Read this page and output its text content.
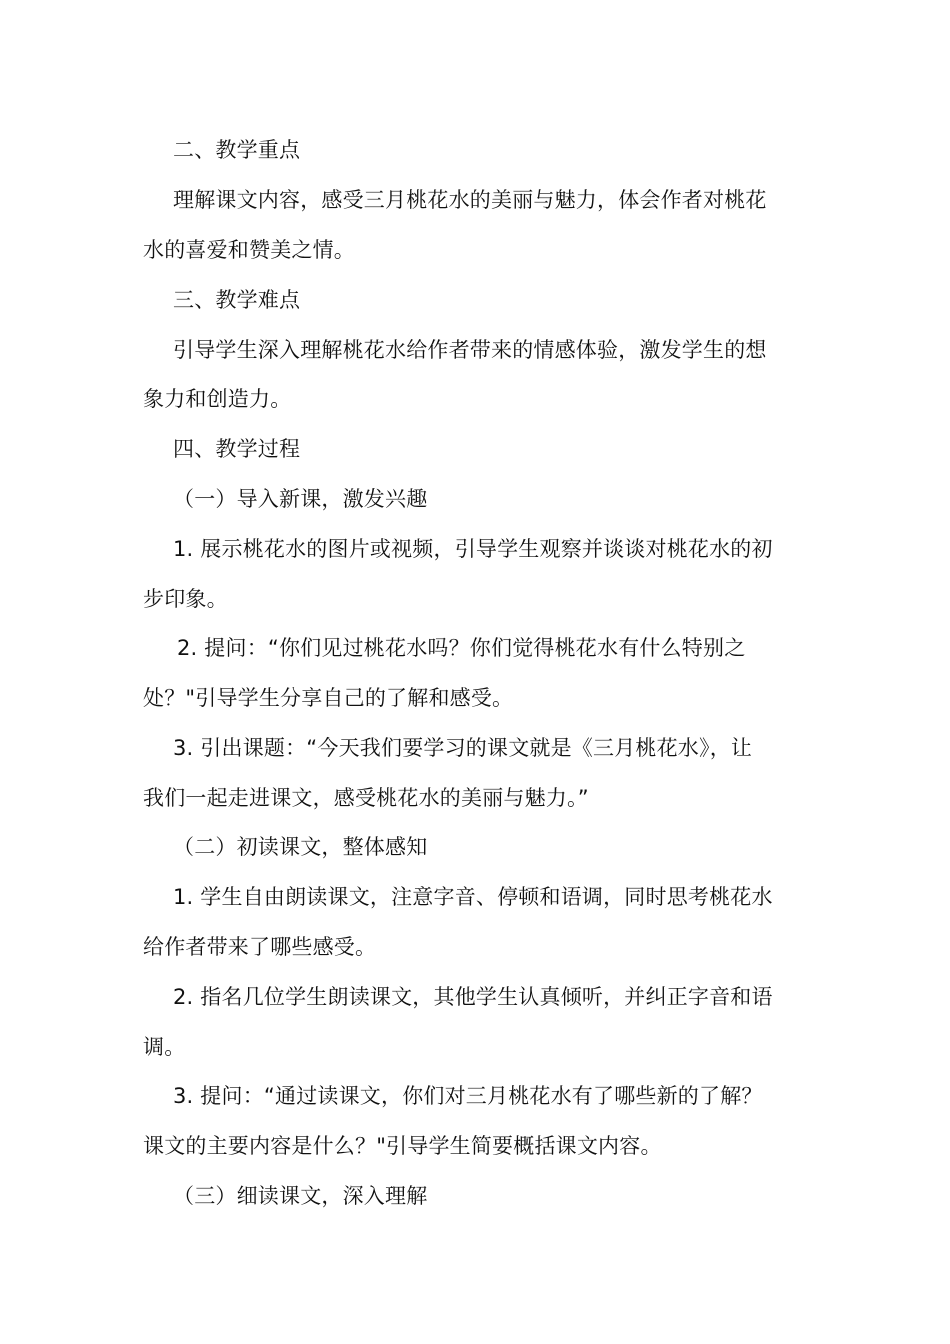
二、教学重点
理解课文内容，感受三月桃花水的美丽与魅力，体会作者对桃花
水的喜爱和赞美之情。
三、教学难点
引导学生深入理解桃花水给作者带来的情感体验，激发学生的想
象力和创造力。
四、教学过程
（一）导入新课，激发兴趣
1. 展示桃花水的图片或视频，引导学生观察并谈谈对桃花水的初
步印象。
2. 提问：“你们见过桃花水吗？你们觉得桃花水有什么特别之
处？"引导学生分享自己的了解和感受。
3. 引出课题：“今天我们要学习的课文就是《三月桃花水》，让
我们一起走进课文，感受桃花水的美丽与魅力。”
（二）初读课文，整体感知
1. 学生自由朗读课文，注意字音、停顿和语调，同时思考桃花水
给作者带来了哪些感受。
2. 指名几位学生朗读课文，其他学生认真倾听，并纠正字音和语
调。
3. 提问：“通过读课文，你们对三月桃花水有了哪些新的了解？
课文的主要内容是什么？"引导学生简要概括课文内容。
（三）细读课文，深入理解
